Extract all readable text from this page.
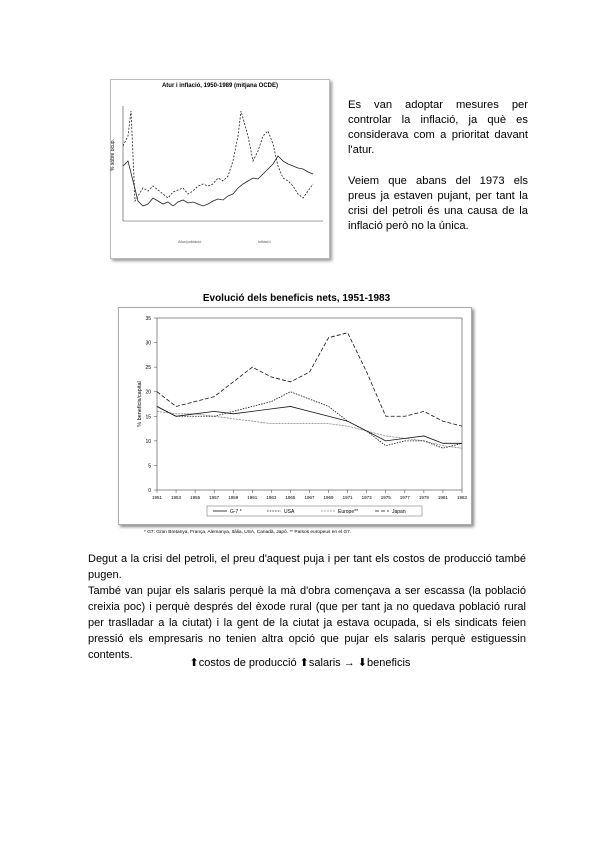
Atur i inflació, 1950-1989 (mitjana OCDE)
% sobre ocup.
Atur/població	Inflació

Es van adoptar mesures per controlar la inflació, ja què es considerava com a prioritat davant l'atur.

Veiem que abans del 1973 els preus ja estaven pujant, per tant la crisi del petroli és una causa de la inflació però no la única.

Evolució dels beneficis nets, 1951-1983
0
5
10
15
20
25
30
35
1951 1953 1955 1957 1959 1961 1963 1965 1967 1969 1971 1973 1975 1977 1979 1981 1983
% beneficis/capital
G-7 *	USA	Europe**	Japan
* G7: Gran Bretanya, França, Alemanya, Itàlia, USA, Canadà, Japó. ** Països europeus en el G7.

Degut a la crisi del petroli, el preu d'aquest puja i per tant els costos de producció també pugen.

També van pujar els salaris perquè la mà d'obra començava a ser escassa (la població creixia poc) i perquè després del èxode rural (que per tant ja no quedava població rural per traslladar a la ciutat) i la gent de la ciutat ja estava ocupada, si els sindicats feien pressió els empresaris no tenien altra opció que pujar els salaris perquè estiguessin contents.

⬆costos de producció ⬆salaris → ⬇beneficis
